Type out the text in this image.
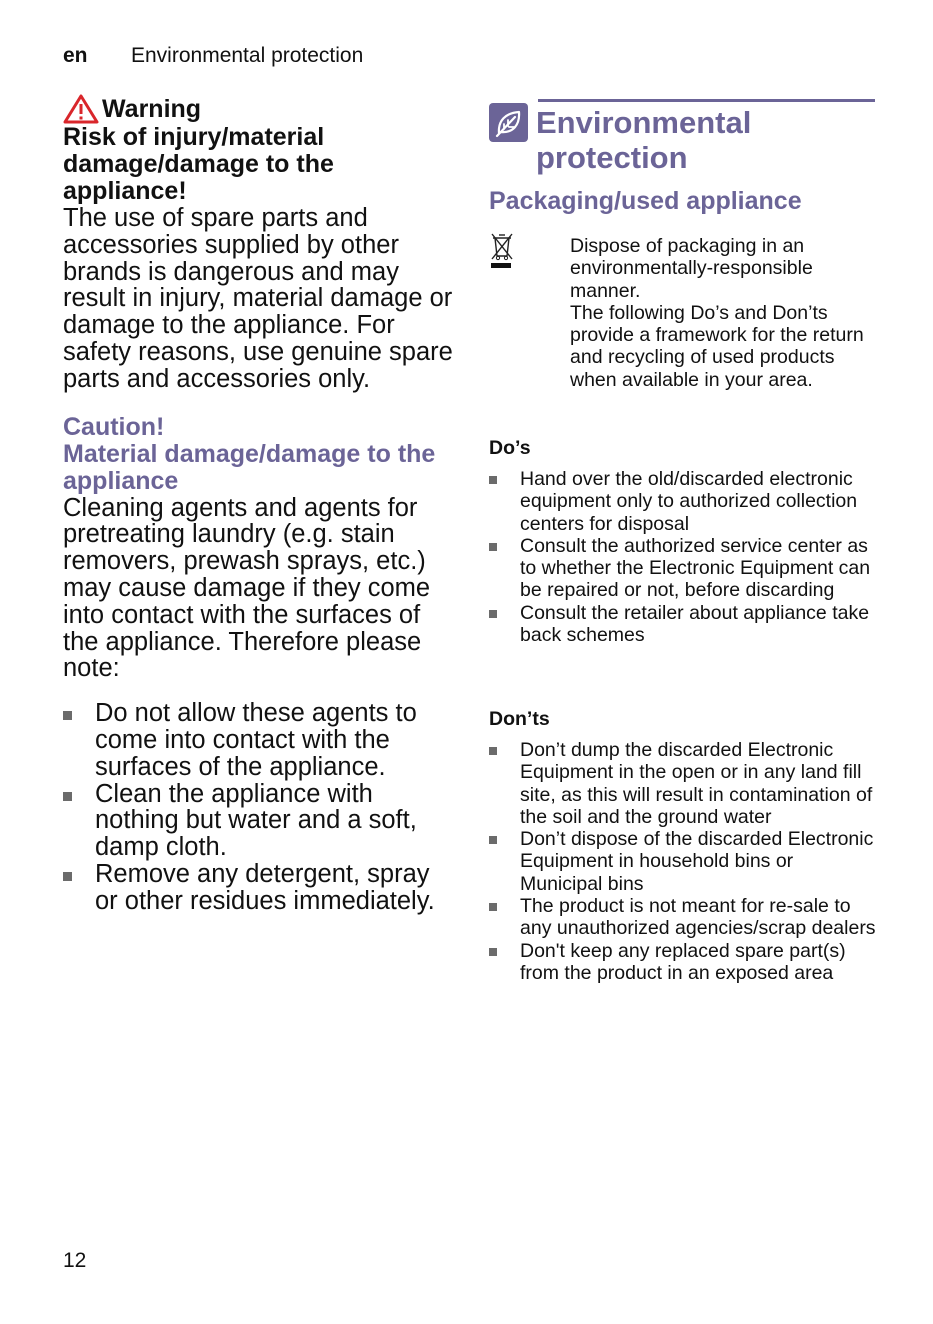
en Environmental protection
Warning
Risk of injury/material damage/damage to the appliance!

The use of spare parts and accessories supplied by other brands is dangerous and may result in injury, material damage or damage to the appliance. For safety reasons, use genuine spare parts and accessories only.

Caution!
Material damage/damage to the appliance

Cleaning agents and agents for pretreating laundry (e.g. stain removers, prewash sprays, etc.) may cause damage if they come into contact with the surfaces of the appliance. Therefore please note:

Do not allow these agents to come into contact with the surfaces of the appliance.
Clean the appliance with nothing but water and a soft, damp cloth.
Remove any detergent, spray or other residues immediately.
Environmental protection
Packaging/used appliance

Dispose of packaging in an environmentally-responsible manner.

The following Do’s and Don’ts provide a framework for the return and recycling of used products when available in your area.

Do’s
Hand over the old/discarded electronic equipment only to authorized collection centers for disposal
Consult the authorized service center as to whether the Electronic Equipment can be repaired or not, before discarding
Consult the retailer about appliance take back schemes
Don’ts
Don’t dump the discarded Electronic Equipment in the open or in any land fill site, as this will result in contamination of the soil and the ground water
Don’t dispose of the discarded Electronic Equipment in household bins or Municipal bins
The product is not meant for re-sale to any unauthorized agencies/scrap dealers
Don't keep any replaced spare part(s) from the product in an exposed area
12
